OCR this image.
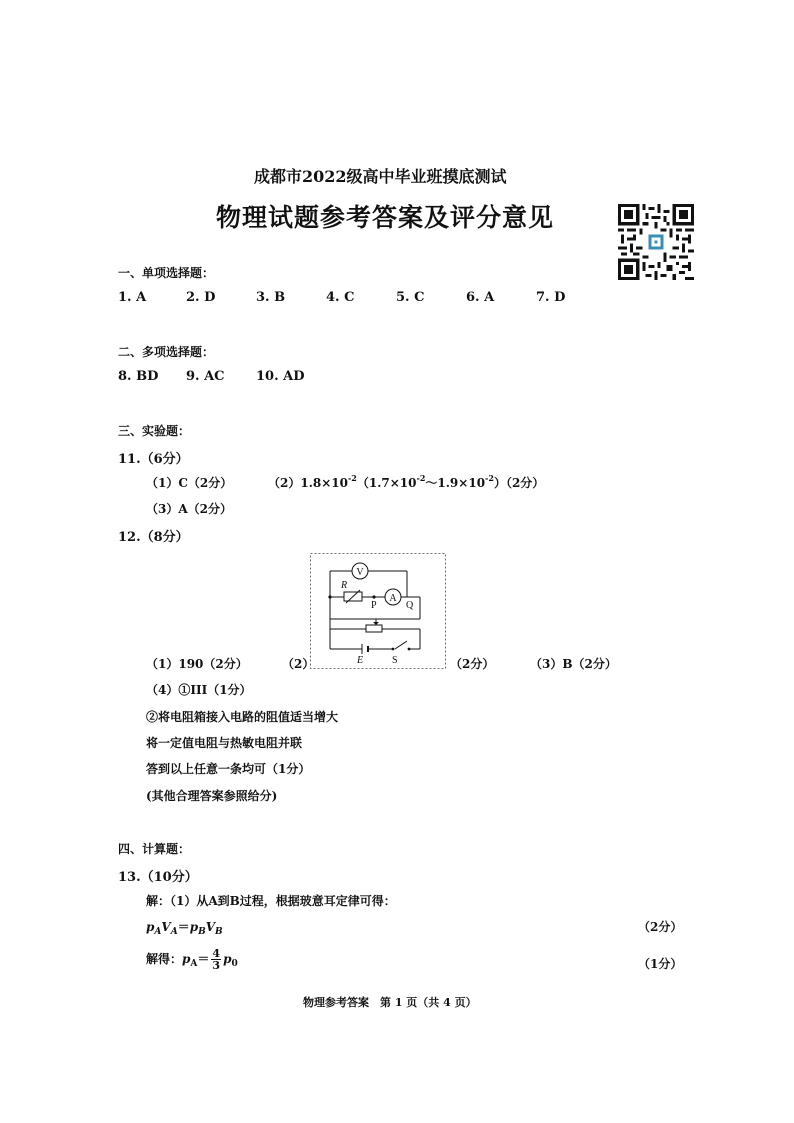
成都市2022级高中毕业班摸底测试
物理试题参考答案及评分意见
一、单项选择题：
1. A	2. D	3. B	4. C	5. C	6. A	7. D
二、多项选择题：
8. BD 9. AC 10. AD
三、实验题：
11.（6分）
（1）C（2分）	$(2)1.8\times 10^{-2}(1.7\times 10^{-2}\sim 1.9\times 10^{-2})(2$分）
（3）A（2分）
12.（8分）
V
A
R
P	Q
E	S
（1）190（2分）	（2）	（2分）	（3）B（2分）
（4）①III（1分）
②将电阻箱接入电路的阻值适当增大
将一定值电阻与热敏电阻并联
答到以上任意一条均可（1分）
(其他合理答案参照给分)
四、计算题：
13.（10分）
解：（1）从A到B过程，根据玻意耳定律可得：
$p_AV_A=p_BV_B$	（2分）
解得：$p_A= \frac{4}{3} p_0$	（1分）
物理参考答案　第 1 页（共 4 页）
